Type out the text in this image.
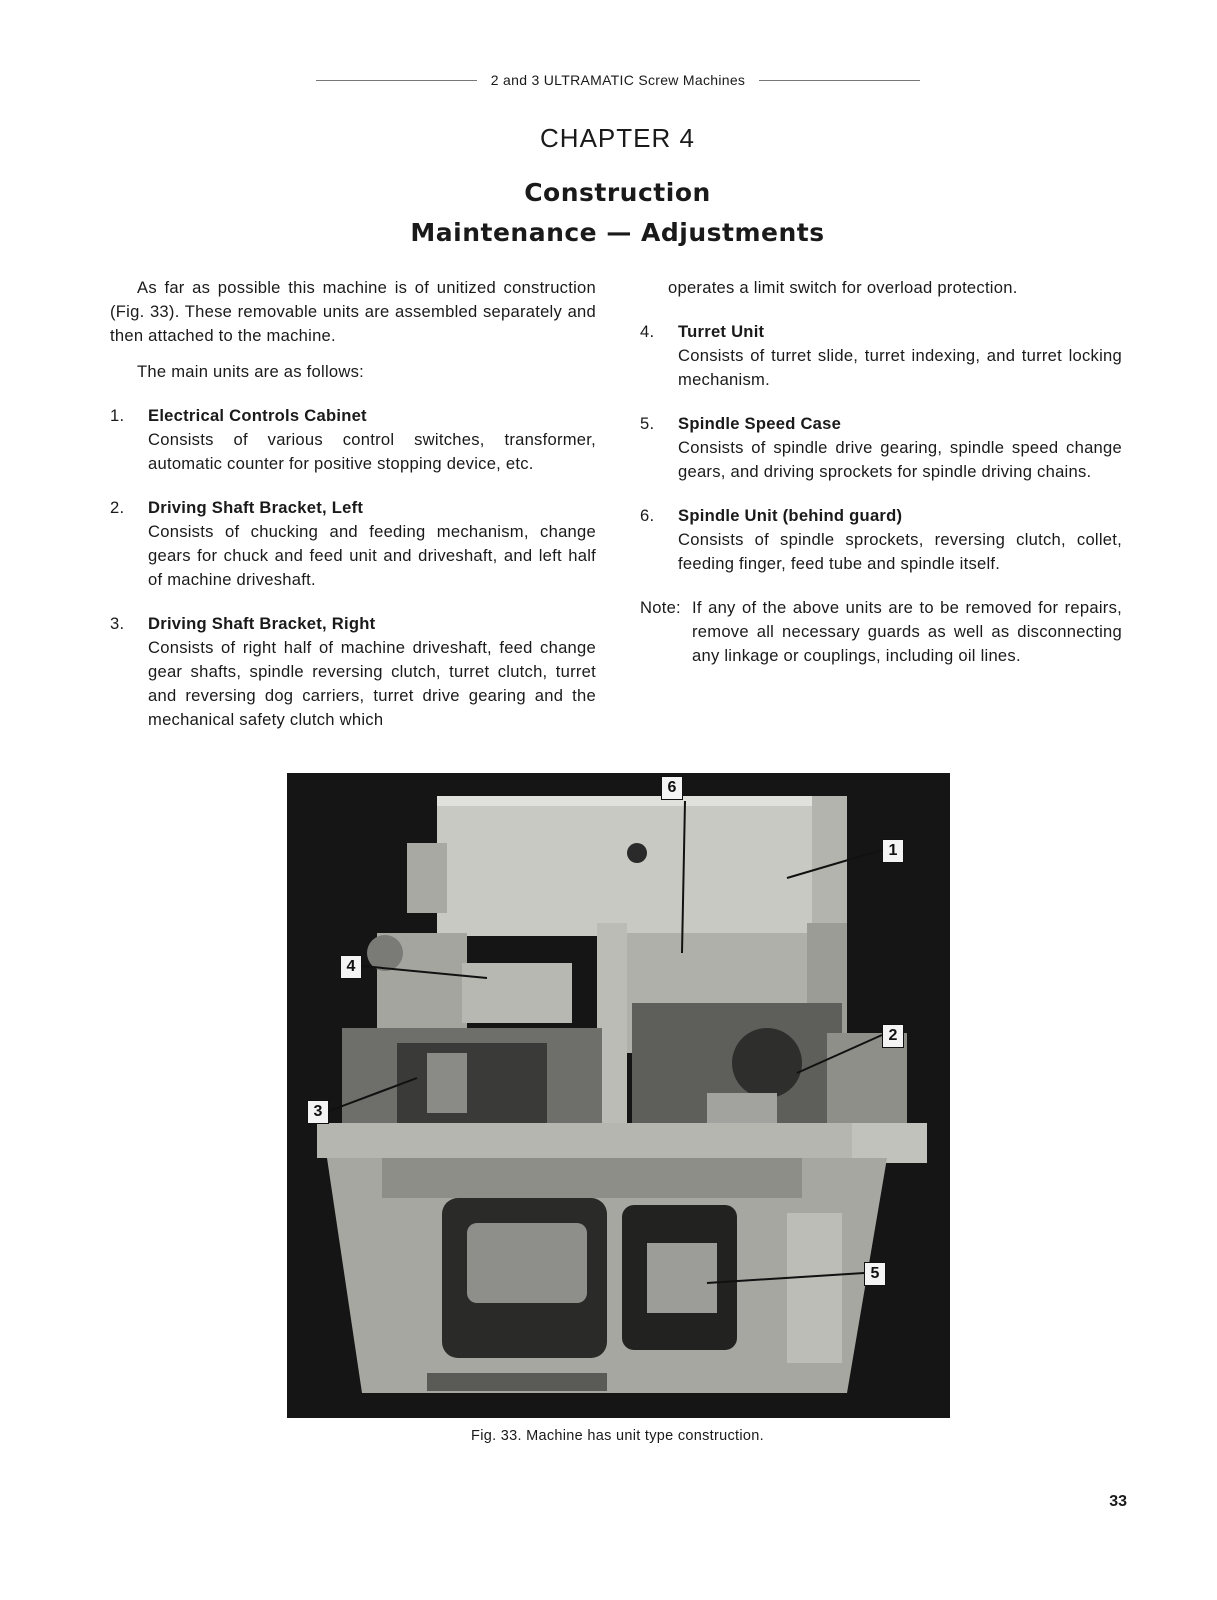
2 and 3 ULTRAMATIC Screw Machines
CHAPTER 4
Construction
Maintenance — Adjustments

As far as possible this machine is of unitized construction (Fig. 33). These removable units are assembled separately and then attached to the machine.

The main units are as follows:

1.	Electrical Controls Cabinet
Consists of various control switches, transformer, automatic counter for positive stopping device, etc.
2.	Driving Shaft Bracket, Left
Consists of chucking and feeding mechanism, change gears for chuck and feed unit and driveshaft, and left half of machine driveshaft.
3.	Driving Shaft Bracket, Right
Consists of right half of machine driveshaft, feed change gear shafts, spindle reversing clutch, turret clutch, turret and reversing dog carriers, turret drive gearing and the mechanical safety clutch which
operates a limit switch for overload protection.
4.	Turret Unit
Consists of turret slide, turret indexing, and turret locking mechanism.
5.	Spindle Speed Case
Consists of spindle drive gearing, spindle speed change gears, and driving sprockets for spindle driving chains.
6.	Spindle Unit (behind guard)
Consists of spindle sprockets, reversing clutch, collet, feeding finger, feed tube and spindle itself.
Note: If any of the above units are to be removed for repairs, remove all necessary guards as well as disconnecting any linkage or couplings, including oil lines.
6
1
4
2
3
5
Fig. 33. Machine has unit type construction.
33
